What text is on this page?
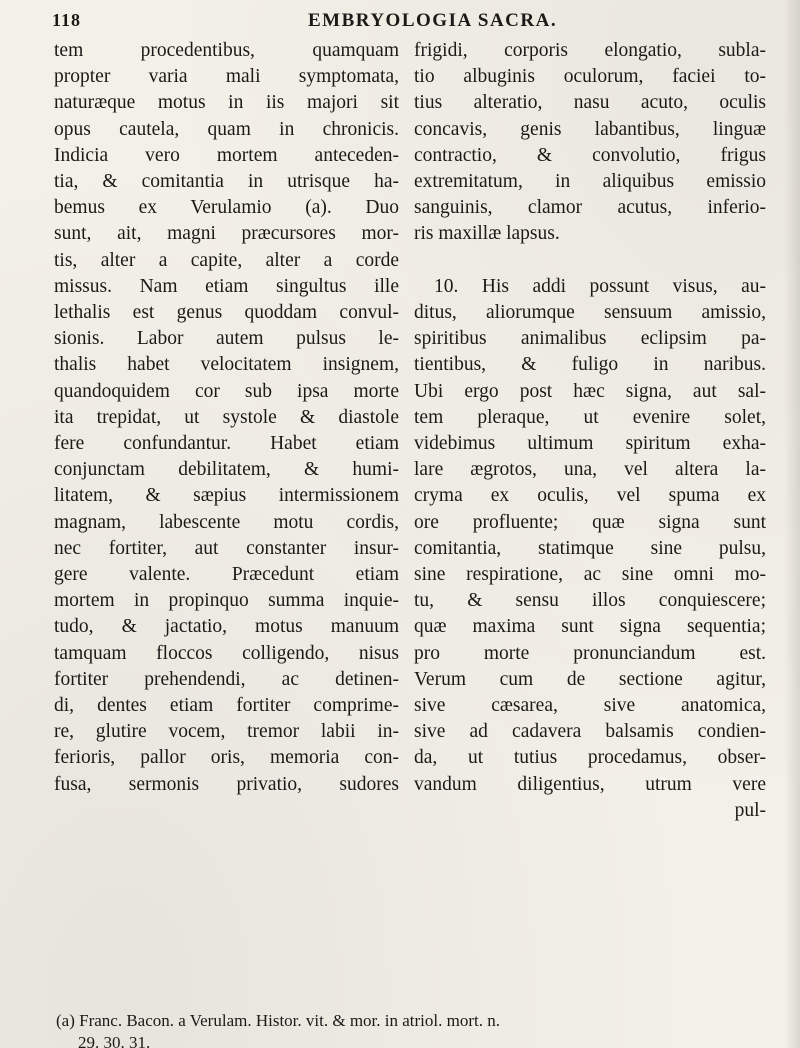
118	EMBRYOLOGIA SACRA.
tem procedentibus, quamquam
propter varia mali symptomata,
naturæque motus in iis majori sit
opus cautela, quam in chronicis.
Indicia vero mortem anteceden-
tia, & comitantia in utrisque ha-
bemus ex Verulamio (a). Duo
sunt, ait, magni præcursores mor-
tis, alter a capite, alter a corde
missus. Nam etiam singultus ille
lethalis est genus quoddam convul-
sionis. Labor autem pulsus le-
thalis habet velocitatem insignem,
quandoquidem cor sub ipsa morte
ita trepidat, ut systole & diastole
fere confundantur. Habet etiam
conjunctam debilitatem, & humi-
litatem, & sæpius intermissionem
magnam, labescente motu cordis,
nec fortiter, aut constanter insur-
gere valente. Præcedunt etiam
mortem in propinquo summa inquie-
tudo, & jactatio, motus manuum
tamquam floccos colligendo, nisus
fortiter prehendendi, ac detinen-
di, dentes etiam fortiter comprime-
re, glutire vocem, tremor labii in-
ferioris, pallor oris, memoria con-
fusa, sermonis privatio, sudores
frigidi, corporis elongatio, subla-
tio albuginis oculorum, faciei to-
tius alteratio, nasu acuto, oculis
concavis, genis labantibus, linguæ
contractio, & convolutio, frigus
extremitatum, in aliquibus emissio
sanguinis, clamor acutus, inferio-
ris maxillæ lapsus.
10. His addi possunt visus, au-
ditus, aliorumque sensuum amissio,
spiritibus animalibus eclipsim pa-
tientibus, & fuligo in naribus.
Ubi ergo post hæc signa, aut sal-
tem pleraque, ut evenire solet,
videbimus ultimum spiritum exha-
lare ægrotos, una, vel altera la-
cryma ex oculis, vel spuma ex
ore profluente; quæ signa sunt
comitantia, statimque sine pulsu,
sine respiratione, ac sine omni mo-
tu, & sensu illos conquiescere;
quæ maxima sunt signa sequentia;
pro morte pronunciandum est.
Verum cum de sectione agitur,
sive cæsarea, sive anatomica,
sive ad cadavera balsamis condien-
da, ut tutius procedamus, obser-
vandum diligentius, utrum vere
pul-
(a) Franc. Bacon. a Verulam. Histor. vit. & mor. in atriol. mort. n.
29. 30. 31.
